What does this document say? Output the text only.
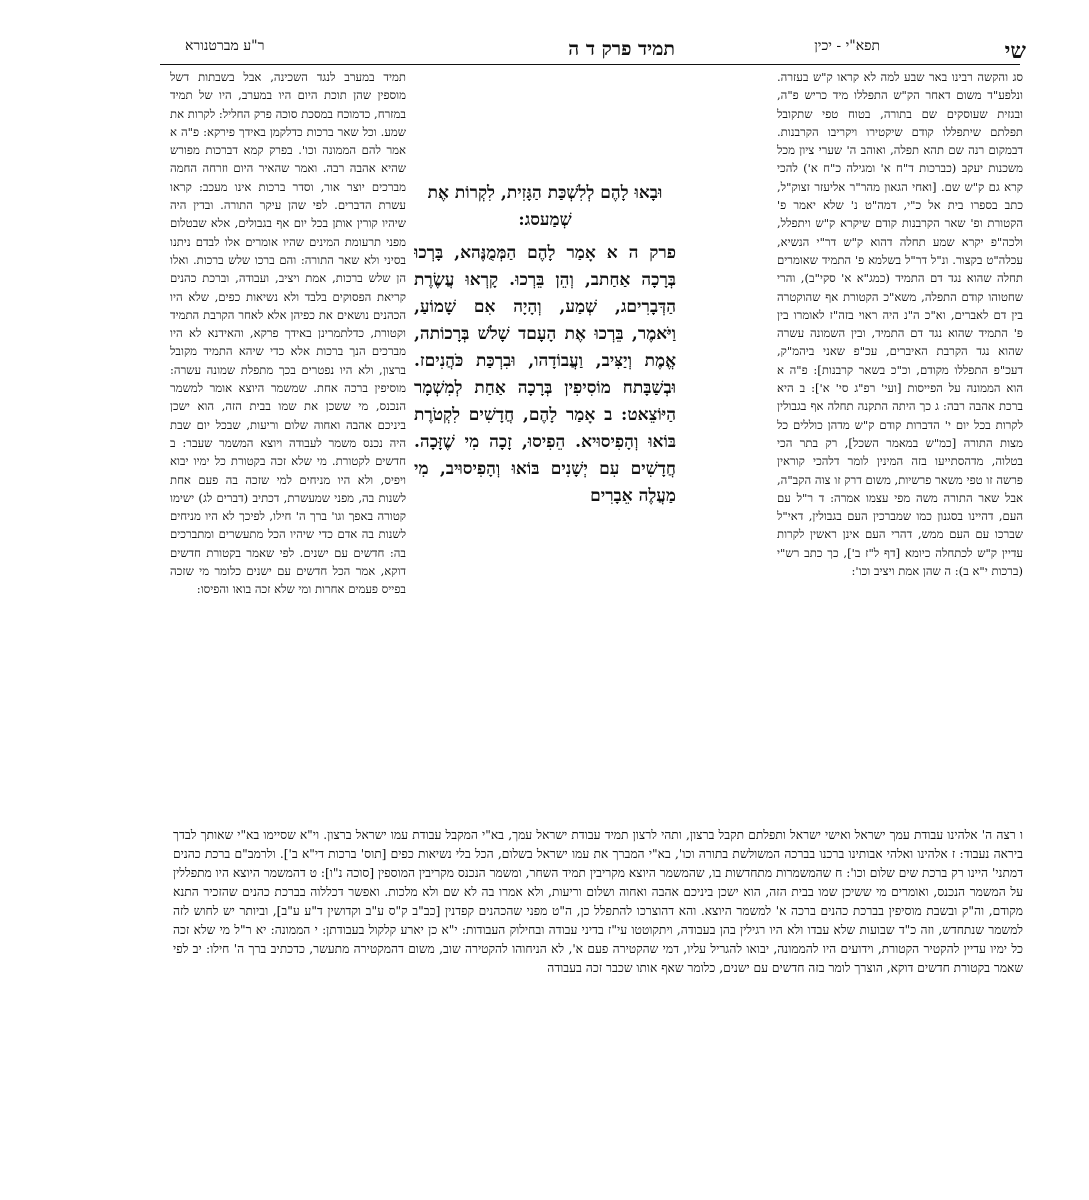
שי
תפא"י - יכין
תמיד פרק ד ה
ר"ע מברטנורא

סג והקשה רבינו באר שבע למה לא קראו ק"ש בעזרה. ונלפע"ד משום דאחר הק"ש התפללו מיד כריש פ"ה, ובגזית שעוסקים שם בתורה, בטוח טפי שתקובל תפלתם שיתפללו קודם שיקטירו ויקריבו הקרבנות. דבמקום רנה שם תהא תפלה, ואוהב ה' שערי ציון מכל משכנות יעקב (כברכות ד"ח א' ומגילה כ"ח א') להכי קרא גם ק"ש שם. [ואחי הגאון מהר"ר אליעזר זצוק"ל, כתב בספרו בית אל כ"י, דמה"ט נ' שלא יאמר פ' הקטורת ופ' שאר הקרבנות קודם שיקרא ק"ש ויתפלל, ולכה"פ יקרא שמע תחלה דהוא ק"ש דר"י הנשיא, עכלה"ט בקצור. ונ"ל דר"ל בשלמא פ' התמיד שאומרים תחלה שהוא נגד דם התמיד (כמג"א א' סקי"ב), והרי שחטוהו קודם התפלה, משא"כ הקטורת אף שהוקטרה בין דם לאברים, וא"כ ה"נ היה ראוי בזה"ז לאומרו בין פ' התמיד שהוא נגד דם התמיד, ובין השמונה עשרה שהוא נגד הקרבת האיברים, עכ"פ שאני ביהמ"ק, דעכ"פ התפללו מקודם, וכ"כ בשאר קרבנות]: פ"ה א הוא הממונה על הפייסות [ועי' רפ"ג סי' א']: ב היא ברכת אהבה רבה: ג כך היתה התקנה תחלה אף בגבולין לקרות בכל יום י' הדברות קודם ק"ש מדהן כוללים כל מצות התורה [כמ"ש במאמר השכל], רק בתר הכי בטלוה, מדהסתייעו בזה המינין לומר דלהכי קוראין פרשה זו טפי משאר פרשיות, משום דרק זו צוה הקב"ה, אבל שאר התורה משה מפי עצמו אמרה: ד ר"ל עם העם, דהיינו בסגנון כמו שמברכין העם בגבולין, דאי"ל שברכו עם העם ממש, דהרי העם אינן ראשין לקרות עדיין ק"ש לכתחלה כיומא [דף ל"ז ב'], כך כתב רש"י (ברכות י"א ב): ה שהן אמת ויציב וכו':

וּבָאוּ לָהֶם לְלִשְׁכַּת הַגָּזִית, לִקְרוֹת אֶת שְׁמַעסג:

פרק ה א אָמַר לָהֶם הַמְּמֻנֶּהא, בָּרְכוּ בְּרָכָה אַחַתב, וְהֵן בֵּרְכוּ. קָרְאוּ עֲשֶׂרֶת הַדְּבָרִיםג, שְׁמַע, וְהָיָה אִם שָׁמוֹעַ, וַיֹּאמֶר, בֵּרְכוּ אֶת הָעָםד שָׁלֹשׁ בְּרָכוֹתה, אֱמֶת וְיַצִּיב, וַעֲבוֹדָהו, וּבִרְכַּת כֹּהֲנִיםז. וּבְשַׁבָּתח מוֹסִיפִין בְּרָכָה אַחַת לְמִשְׁמָר הַיּוֹצֵאט: ב אָמַר לָהֶם, חֲדָשִׁים לִקְטֹרֶת בּוֹאוּ וְהָפִיסוּיא. הֵפִיסוּ, זָכָה מִי שֶׁזָּכָה. חֲדָשִׁים עִם יְשָׁנִים בּוֹאוּ וְהָפִיסוּיב, מִי מַעֲלֶה אֵבָרִים

תמיד במערב לנגד השכינה, אבל בשבתות דשל מוספין שהן תוכת היום היו במערב, היו של תמיד במזרח, כדמוכח במסכת סוכה פרק החליל: לקרות את שמע. וכל שאר ברכות כדלקמן באידך פירקא: פ"ה א אמר להם הממונה וכו'. בפרק קמא דברכות מפורש שהיא אהבה רבה. ואמר שהאיר היום וזרחה החמה מברכים יוצר אור, וסדר ברכות אינו מעכב: קראו עשרת הדברים. לפי שהן עיקר התורה. ובדין היה שיהיו קורין אותן בכל יום אף בגבולים, אלא שבטלום מפני תרעומת המינים שהיו אומרים אלו לבדם ניתנו בסיני ולא שאר התורה: והם ברכו שלש ברכות. ואלו הן שלש ברכות, אמת ויציב, ועבודה, וברכת כהנים קריאת הפסוקים בלבד ולא נשיאות כפים, שלא היו הכהנים נושאים את כפיהן אלא לאחר הקרבת התמיד וקטורת, כדלתמרינן באידך פרקא, והאידנא לא היו מברכים הנך ברכות אלא כדי שיהא התמיד מקובל ברצון, ולא היו נפטרים בכך מתפלת שמונה עשרה: מוסיפין ברכה אחת. שמשמר היוצא אומר למשמר הנכנס, מי ששכן את שמו בבית הזה, הוא ישכן ביניכם אהבה ואחוה שלום וריעות, שבכל יום שבת היה נכנס משמר לעבודה ויוצא המשמר שעבר: ב חדשים לקטורת. מי שלא זכה בקטורת כל ימיו יבוא ויפיס, ולא היו מניחים למי שזכה בה פעם אחת לשנות בה, מפני שמעשרת, דכתיב (דברים לג) ישימו קטורה באפך וגו' ברך ה' חילו, לפיכך לא היו מניחים לשנות בה אדם כדי שיהיו הכל מתעשרים ומתברכים בה: חדשים עם ישנים. לפי שאמר בקטורת חדשים דוקא, אמר הכל חדשים עם ישנים כלומר מי שזכה בפייס פעמים אחרות ומי שלא זכה בואו והפיסו:

ו רצה ה' אלהינו עבודת עמך ישראל ואישי ישראל ותפלתם תקבל ברצון, ותהי לרצון תמיד עבודת ישראל עמך, בא"י המקבל עבודת עמו ישראל ברצון. וי"א שסיימו בא"י שאותך לבדך ביראה נעבוד: ז אלהינו ואלהי אבותינו ברכנו בברכה המשולשת בתורה וכו', בא"י המברך את עמו ישראל בשלום, הכל בלי נשיאות כפים [תוס' ברכות די"א ב']. ולרמב"ם ברכת כהנים דמתני' היינו רק ברכת שים שלום וכו': ח שהמשמרות מתחדשות בו, שהמשמר היוצא מקריבין תמיד השחר, ומשמר הנכנס מקריבין המוספין [סוכה נ"ו]: ט דהמשמר היוצא היו מתפללין על המשמר הנכנס, ואומרים מי ששיכן שמו בבית הזה, הוא ישכן ביניכם אהבה ואחוה ושלום וריעות, ולא אמרו בה לא שם ולא מלכות. ואפשר דכללוה בברכת כהנים שהזכיר התנא מקודם, וה"ק ובשבת מוסיפין בברכת כהנים ברכה א' למשמר היוצא. והא דהוצרכו להתפלל כן, ה"ט מפני שהכהנים קפדנין [כב"ב ק"ס ע"ב וקדושין ד"ע ע"ב], וביותר יש לחוש לזה למשמר שנתחדש, וזה כ"ד שבועות שלא עבדו ולא היו רגילין בהן בעבודה, ויתקוטטו עי"ז בדיני עבודה ובחילוק העבודות: י"א כן יארע קלקול בעבודתן: י הממונה: יא ר"ל מי שלא זכה כל ימיו עדיין להקטיר הקטורת, וידועים היו להממונה, יבואו להגריל עליו, דמי שהקטירה פעם א', לא הניחוהו להקטירה שוב, משום דהמקטירה מתעשר, כדכתיב ברך ה' חילו: יב לפי שאמר בקטורת חדשים דוקא, הוצרך לומר בזה חדשים עם ישנים, כלומר שאף אותו שכבר זכה בעבודה
